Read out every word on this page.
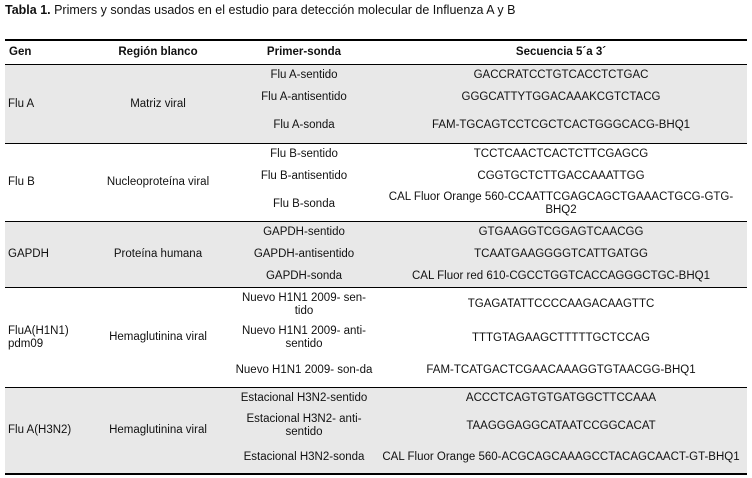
Tabla 1. Primers y sondas usados en el estudio para detección molecular de Influenza A y B
Gen	Región blanco	Primer-sonda	Secuencia 5´a 3´
Flu A	Matriz viral	Flu A-sentido	GACCRATCCTGTCACCTCTGAC
		Flu A-antisentido	GGGCATTYTGGACAAAKCGTCTACG
		Flu A-sonda	FAM-TGCAGTCCTCGCTCACTGGGCACG-BHQ1
Flu B	Nucleoproteína viral	Flu B-sentido	TCCTCAACTCACTCTTCGAGCG
		Flu B-antisentido	CGGTGCTCTTGACCAAATTGG
		Flu B-sonda	CAL Fluor Orange 560-CCAATTCGAGCAGCTGAAACTGCG-GTG-BHQ2
GAPDH	Proteína humana	GAPDH-sentido	GTGAAGGTCGGAGTCAACGG
		GAPDH-antisentido	TCAATGAAGGGGTCATTGATGG
		GAPDH-sonda	CAL Fluor red 610-CGCCTGGTCACCAGGGCTGC-BHQ1
FluA(H1N1) pdm09	Hemaglutinina viral	Nuevo H1N1 2009- sen-tido	TGAGATATTCCCCAAGACAAGTTC
		Nuevo H1N1 2009- anti-sentido	TTTGTAGAAGCTTTTTGCTCCAG
		Nuevo H1N1 2009- son-da	FAM-TCATGACTCGAACAAAGGTGTAACGG-BHQ1
Flu A(H3N2)	Hemaglutinina viral	Estacional H3N2-sentido	ACCCTCAGTGTGATGGCTTCCAAA
		Estacional H3N2- anti-sentido	TAAGGGAGGCATAATCCGGCACAT
		Estacional H3N2-sonda	CAL Fluor Orange 560-ACGCAGCAAAGCCTACAGCAACT-GT-BHQ1
